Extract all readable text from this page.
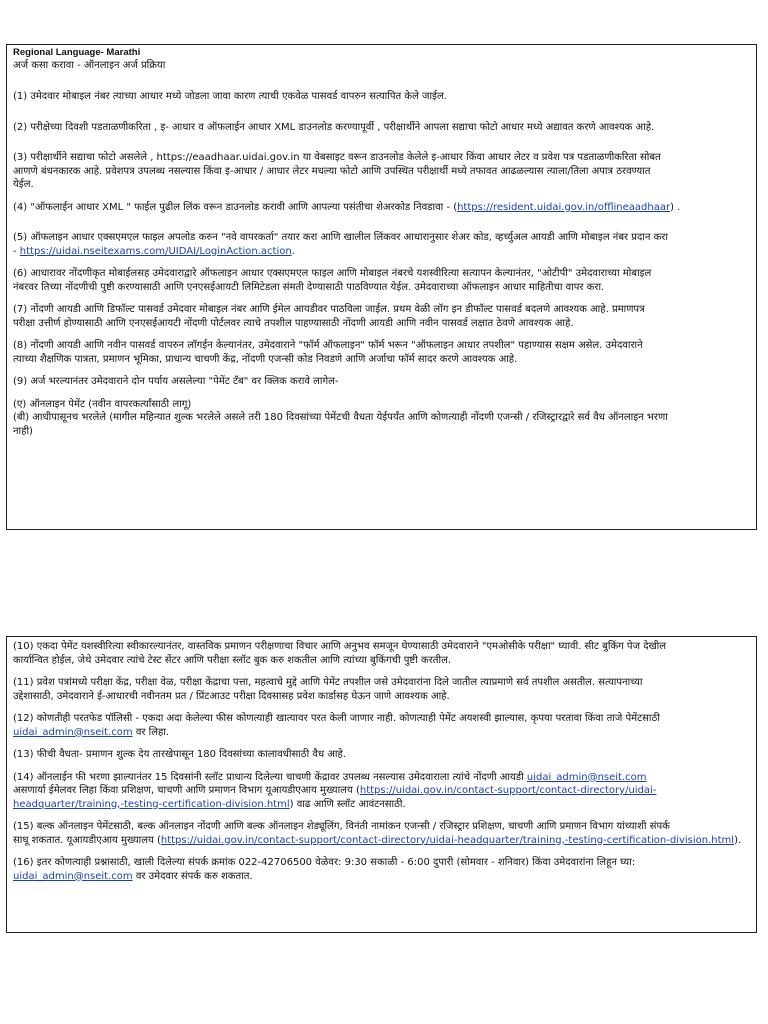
Regional Language- Marathi
अर्ज कसा करावा - ऑनलाइन अर्ज प्रक्रिया
(1) उमेदवार मोबाइल नंबर त्याच्या आधार मध्ये जोडला जावा कारण त्याची एकवेळ पासवर्ड वापरुन सत्यापित केले जाईल.
(2) परीक्षेच्या दिवशी पडताळणीकरिता , इ- आधार व ऑफलाईन आधार XML डाउनलोड करण्यापूर्वी , परीक्षार्थीने आपला सद्याचा फोटो आधार मध्ये अद्यावत करणे आवश्यक आहे.
(3) परीक्षार्थीने सद्याचा फोटो असलेले , https://eaadhaar.uidai.gov.in या वेबसाइट वरून डाउनलोड केलेले इ-आधार किंवा आधार लेटर व प्रवेश पत्र पडताळणीकरिता सोबत
आणणे बंधनकारक आहे. प्रवेशपत्र उपलब्ध नसल्यास किंवा इ-आधार / आधार लेटर मधल्या फोटो आणि उपस्थित परीक्षार्थी मध्ये तफावत आढळल्यास त्याला/तिला अपात्र ठरवण्यात
येईल.
(4) "ऑफलाईन आधार XML " फाईल पुढील लिंक वरून डाउनलोड करावी आणि आपल्या पसंतीचा शेअरकोड निवडावा - (https://resident.uidai.gov.in/offlineaadhaar) .
(5) ऑफलाइन आधार एक्सएमएल फाइल अपलोड करुन "नवे वापरकर्ता" तयार करा आणि खालील लिंकवर आधारानुसार शेअर कोड, व्हर्च्युअल आयडी आणि मोबाइल नंबर प्रदान करा
- https://uidai.nseitexams.com/UIDAI/LoginAction.action.
(6) आधारावर नोंदणीकृत मोबाईलसह उमेदवाराद्वारे ऑफलाइन आधार एक्सएमएल फाइल आणि मोबाइल नंबरचे यशस्वीरित्या सत्यापन केल्यानंतर, "ओटीपी" उमेदवाराच्या मोबाइल
नंबरवर तिच्या नोंदणीची पुष्टी करण्यासाठी आणि एनएसईआयटी लिमिटेडला संमती देण्यासाठी पाठविण्यात येईल. उमेदवाराच्या ऑफलाइन आधार माहितीचा वापर करा.
(7) नोंदणी आयडी आणि डिफॉल्ट पासवर्ड उमेदवार मोबाइल नंबर आणि ईमेल आयडीवर पाठविला जाईल. प्रथम वेळी लॉग इन डीफॉल्ट पासवर्ड बदलणे आवश्यक आहे. प्रमाणपत्र
परीक्षा उत्तीर्ण होण्यासाठी आणि एनएसईआयटी नोंदणी पोर्टलवर त्याचे तपशील पाहण्यासाठी नोंदणी आयडी आणि नवीन पासवर्ड लक्षात ठेवणे आवश्यक आहे.
(8) नोंदणी आयडी आणि नवीन पासवर्ड वापरुन लॉगईन केल्यानंतर, उमेदवाराने "फॉर्म ऑफलाइन" फॉर्म भरून "ऑफलाइन आधार तपशील" पहाण्यास सक्षम असेल. उमेदवाराने
त्याच्या शैक्षणिक पात्रता, प्रमाणन भूमिका, प्राधान्य चाचणी केंद्र, नोंदणी एजन्सी कोड निवडणे आणि अर्जाचा फॉर्म सादर करणे आवश्यक आहे.
(9) अर्ज भरल्यानंतर उमेदवाराने दोन पर्याय असलेल्या "पेमेंट टॅब" वर क्लिक करावे लागेल-
(ए) ऑनलाइन पेमेंट (नवीन वापरकर्त्यांसाठी लागू)
(बी) आधीपासूनच भरलेले (मागील महिन्यात शुल्क भरलेले असले तरी 180 दिवसांच्या पेमेंटची वैधता येईपर्यंत आणि कोणत्याही नोंदणी एजन्सी / रजिस्ट्रारद्वारे सर्व वैध ऑनलाइन भरणा
नाही)
(10) एकदा पेमेंट यशस्वीरित्या स्वीकारल्यानंतर, वास्तविक प्रमाणन परीक्षणाचा विचार आणि अनुभव समजून घेण्यासाठी उमेदवाराने "एमओसीके परीक्षा" घ्यावी. सीट बुकिंग पेज देखील
कार्यान्वित होईल, जेथे उमेदवार त्यांचे टेस्ट सेंटर आणि परीक्षा स्लॉट बुक करु शकतील आणि त्यांच्या बुकिंगची पुष्टी करतील.
(11) प्रवेश पत्रांमध्ये परीक्षा केंद्र, परीक्षा वेळ, परीक्षा केंद्राचा पत्ता, महत्वाचे मुद्दे आणि पेमेंट तपशील जसे उमेदवारांना दिले जातील त्याप्रमाणे सर्व तपशील असतील. सत्यापनाच्या
उद्देशासाठी, उमेदवाराने ई-आधारची नवीनतम प्रत / प्रिंटआउट परीक्षा दिवसासह प्रवेश कार्डासह घेऊन जाणे आवश्यक आहे.
(12) कोणतीही परतफेड पॉलिसी - एकदा अदा केलेल्या फीस कोणत्याही खात्यावर परत केली जाणार नाही. कोणत्याही पेमेंट अयशस्वी झाल्यास, कृपया परतावा किंवा ताजे पेमेंटसाठी
uidai_admin@nseit.com वर लिहा.
(13) फीची वैधता- प्रमाणन शुल्क देय तारखेपासून 180 दिवसांच्या कालावधीसाठी वैध आहे.
(14) ऑनलाईन फी भरणा झाल्यानंतर 15 दिवसांनी स्लॉट प्राधान्य दिलेल्या चाचणी केंद्रावर उपलब्ध नसल्यास उमेदवाराला त्यांचे नोंदणी आयडी uidai_admin@nseit.com
असणार्या ईमेलवर लिहा किंवा प्रशिक्षण, चाचणी आणि प्रमाणन विभाग यूआयडीएआय मुख्यालय (https://uidai.gov.in/contact-support/contact-directory/uidai-headquarter/training,-testing-certification-division.html) वाढ आणि स्लॉट आवंटनसाठी.
(15) बल्क ऑनलाइन पेमेंटसाठी, बल्क ऑनलाइन नोंदणी आणि बल्क ऑनलाइन शेड्यूलिंग, विनंती नामांकन एजन्सी / रजिस्ट्रार प्रशिक्षण, चाचणी आणि प्रमाणन विभाग यांच्याशी संपर्क
साधू शकतात. यूआयडीएआय मुख्यालय (https://uidai.gov.in/contact-support/contact-directory/uidai-headquarter/training,-testing-certification-division.html).
(16) इतर कोणत्याही प्रश्नासाठी, खाली दिलेल्या संपर्क क्रमांक 022-42706500 वेळेवर: 9:30 सकाळी - 6:00 दुपारी (सोमवार - शनिवार) किंवा उमेदवारांना लिहून घ्या:
uidai_admin@nseit.com वर उमेदवार संपर्क करु शकतात.
